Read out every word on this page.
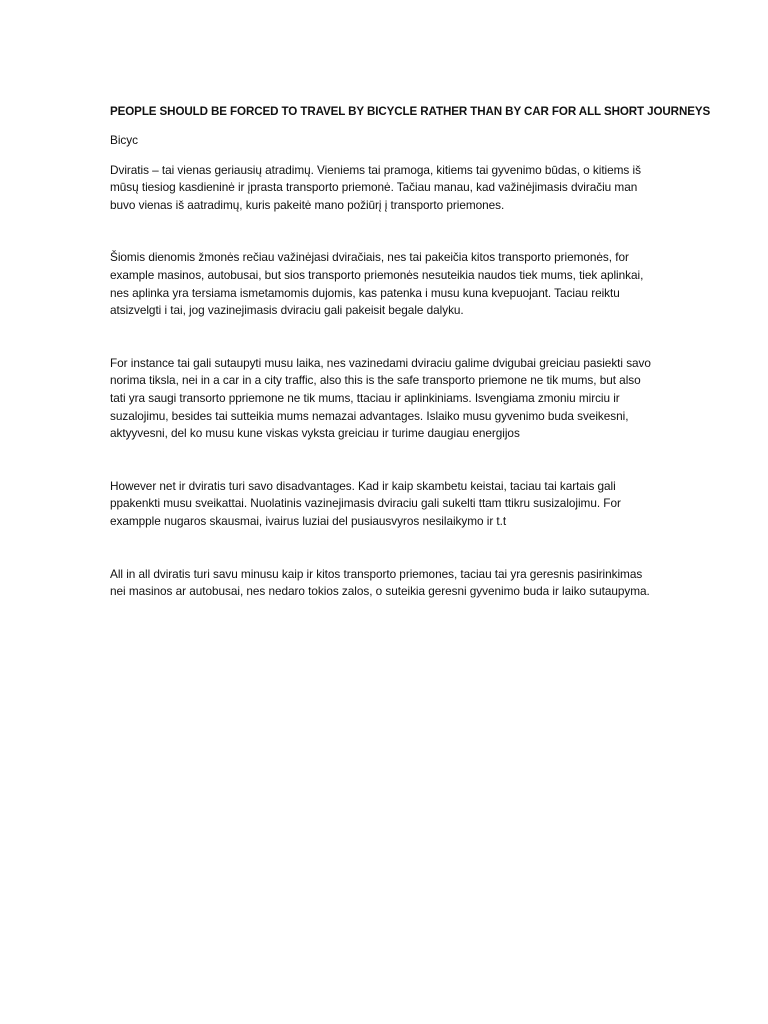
PEOPLE SHOULD BE FORCED TO TRAVEL BY BICYCLE RATHER THAN BY CAR FOR ALL SHORT JOURNEYS

Bicyc

Dviratis – tai vienas geriausių atradimų. Vieniems tai pramoga, kitiems tai gyvenimo būdas, o kitiems iš mūsų tiesiog kasdieninė ir įprasta transporto priemonė. Tačiau manau, kad važinėjimasis dviračiu man buvo vienas iš aatradimų, kuris pakeitė mano požiūrį į transporto priemones.

Šiomis dienomis žmonės rečiau važinėjasi dviračiais, nes tai pakeičia kitos transporto priemonės, for example masinos, autobusai, but sios transporto priemonės nesuteikia naudos tiek mums, tiek aplinkai, nes aplinka yra tersiama ismetamomis dujomis, kas patenka i musu kuna kvepuojant. Taciau reiktu atsizvelgti i tai, jog vazinejimasis dviraciu gali pakeisit begale dalyku.

For instance tai gali sutaupyti musu laika, nes vazinedami dviraciu galime dvigubai greiciau pasiekti savo norima tiksla, nei in a car in a city traffic, also this is the safe transporto priemone ne tik mums, but also tati yra saugi transorto ppriemone ne tik mums, ttaciau ir aplinkiniams. Isvengiama zmoniu mirciu ir suzalojimu, besides tai sutteikia mums nemazai advantages. Islaiko musu gyvenimo buda sveikesni, aktyyvesni, del ko musu kune viskas vyksta greiciau ir turime daugiau energijos

However net ir dviratis turi savo disadvantages. Kad ir kaip skambetu keistai, taciau tai kartais gali ppakenkti musu sveikattai. Nuolatinis vazinejimasis dviraciu gali sukelti ttam ttikru susizalojimu. For exampple nugaros skausmai, ivairus luziai del pusiausvyros nesilaikymo ir t.t

All in all dviratis turi savu minusu kaip ir kitos transporto priemones, taciau tai yra geresnis pasirinkimas nei masinos ar autobusai, nes nedaro tokios zalos, o suteikia geresni gyvenimo buda ir laiko sutaupyma.
